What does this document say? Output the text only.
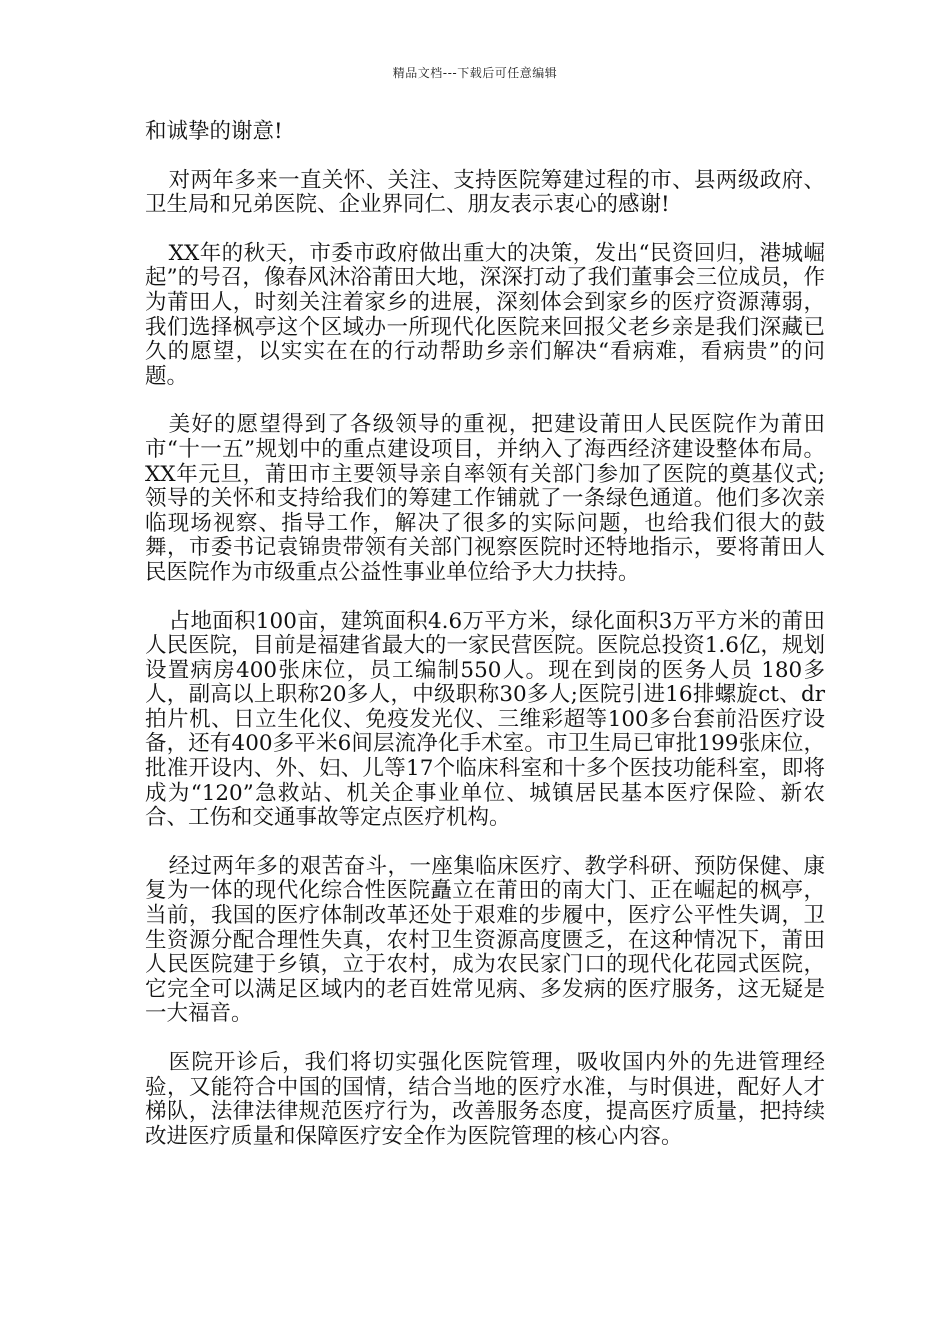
精品文档---下载后可任意编辑

和诚挚的谢意!

对两年多来一直关怀、关注、支持医院筹建过程的市、县两级政府、卫生局和兄弟医院、企业界同仁、朋友表示衷心的感谢!

XX年的秋天，市委市政府做出重大的决策，发出“民资回归，港城崛起”的号召，像春风沐浴莆田大地，深深打动了我们董事会三位成员，作为莆田人，时刻关注着家乡的进展，深刻体会到家乡的医疗资源薄弱，我们选择枫亭这个区域办一所现代化医院来回报父老乡亲是我们深藏已久的愿望，以实实在在的行动帮助乡亲们解决“看病难，看病贵”的问题。

美好的愿望得到了各级领导的重视，把建设莆田人民医院作为莆田市“十一五”规划中的重点建设项目，并纳入了海西经济建设整体布局。XX年元旦，莆田市主要领导亲自率领有关部门参加了医院的奠基仪式;领导的关怀和支持给我们的筹建工作铺就了一条绿色通道。他们多次亲临现场视察、指导工作，解决了很多的实际问题，也给我们很大的鼓舞，市委书记袁锦贵带领有关部门视察医院时还特地指示，要将莆田人民医院作为市级重点公益性事业单位给予大力扶持。

占地面积100亩，建筑面积4.6万平方米，绿化面积3万平方米的莆田人民医院，目前是福建省最大的一家民营医院。医院总投资1.6亿，规划设置病房400张床位，员工编制550人。现在到岗的医务人员 180多人，副高以上职称20多人，中级职称30多人;医院引进16排螺旋ct、dr拍片机、日立生化仪、免疫发光仪、三维彩超等100多台套前沿医疗设备，还有400多平米6间层流净化手术室。市卫生局已审批199张床位，批准开设内、外、妇、儿等17个临床科室和十多个医技功能科室，即将成为“120”急救站、机关企事业单位、城镇居民基本医疗保险、新农合、工伤和交通事故等定点医疗机构。

经过两年多的艰苦奋斗，一座集临床医疗、教学科研、预防保健、康复为一体的现代化综合性医院矗立在莆田的南大门、正在崛起的枫亭，当前，我国的医疗体制改革还处于艰难的步履中，医疗公平性失调，卫生资源分配合理性失真，农村卫生资源高度匮乏，在这种情况下，莆田人民医院建于乡镇，立于农村，成为农民家门口的现代化花园式医院，它完全可以满足区域内的老百姓常见病、多发病的医疗服务，这无疑是一大福音。

医院开诊后，我们将切实强化医院管理，吸收国内外的先进管理经验，又能符合中国的国情，结合当地的医疗水准，与时俱进，配好人才梯队，法律法律规范医疗行为，改善服务态度，提高医疗质量，把持续改进医疗质量和保障医疗安全作为医院管理的核心内容。
